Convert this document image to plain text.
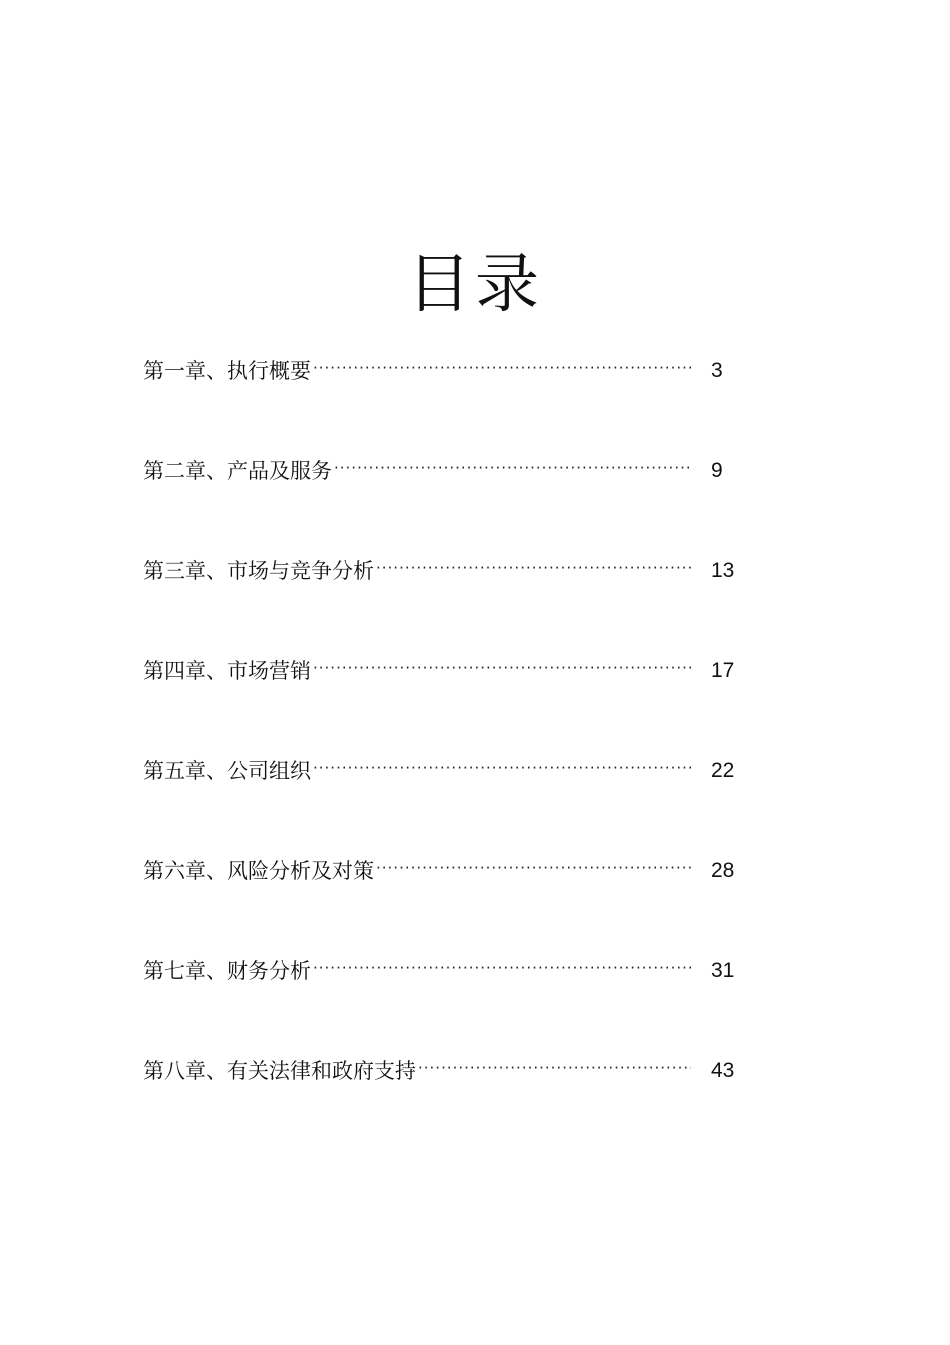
目录
第一章、执行概要 ·····	3
第二章、产品及服务 ·····	9
第三章、市场与竞争分析 ·····	13
第四章、市场营销 ·····	17
第五章、公司组织 ·····	22
第六章、风险分析及对策 ·····	28
第七章、财务分析 ·····	31
第八章、有关法律和政府支持 ·····	43
